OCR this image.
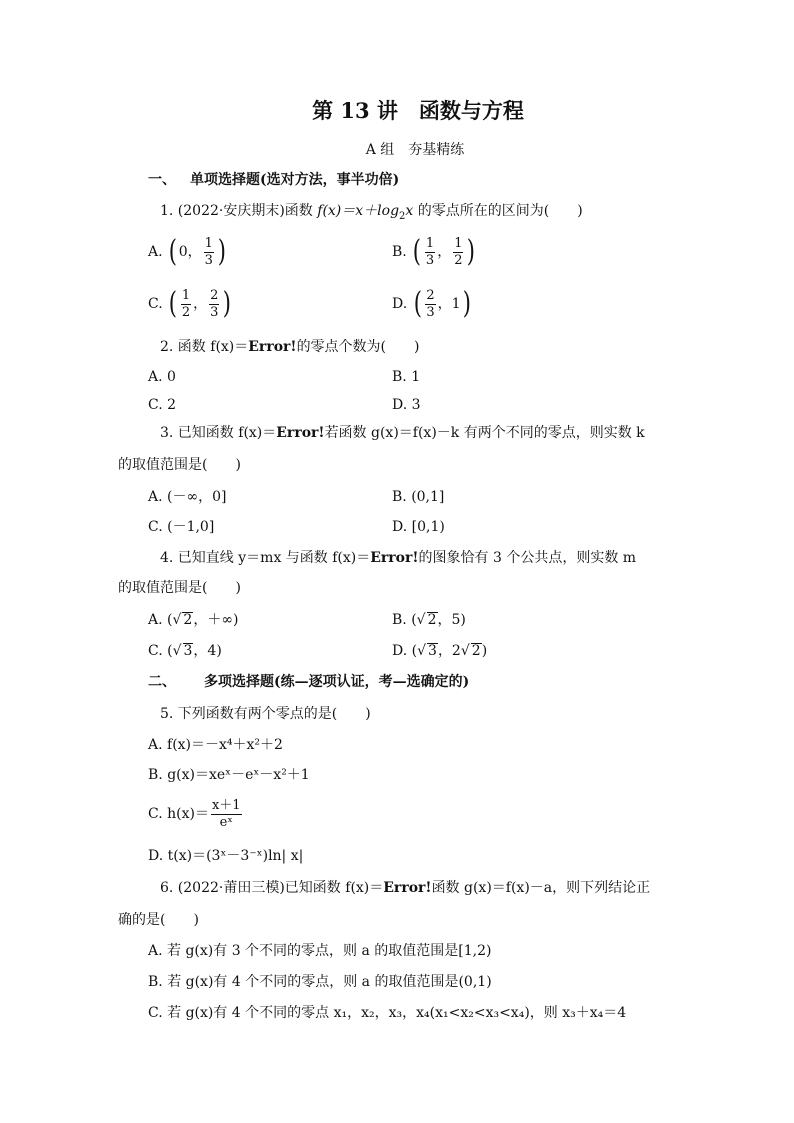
第 13 讲　函数与方程
A 组　夯基精练
一、 单项选择题(选对方法，事半功倍)
1. (2022·安庆期末)函数 $f(x)=x+\log_2x$ 的零点所在的区间为(　　)
A. ( 0， $\frac{1}{3}$ )	B. ( $\frac{1}{3}$ ， $\frac{1}{2}$ )
C. ( $\frac{1}{2}$ ， $\frac{2}{3}$ )	D. ( $\frac{2}{3}$ ，1)
2. 函数 f(x)＝Error!的零点个数为(　　)
A. 0	B. 1
C. 2	D. 3
3. 已知函数 f(x)＝Error!若函数 g(x)＝f(x)－k 有两个不同的零点，则实数 k
的取值范围是(　　)
A. (－∞，0]	B. (0,1]
C. (－1,0]	D. [0,1)
4. 已知直线 y＝mx 与函数 f(x)＝Error!的图象恰有 3 个公共点，则实数 m
的取值范围是(　　)
A. (√ 2，＋∞)	B. (√ 2，5)
C. (√ 3，4)	D. (√ 3，2√ 2)
二、 多项选择题(练—逐项认证，考—选确定的)
5. 下列函数有两个零点的是(　　)
A. f(x)＝－x⁴＋x²＋2
B. g(x)＝xeˣ－eˣ－x²＋1
C. $h(x)= \frac{x+1}{\text{eˣ}}$
D. t(x)＝(3ˣ－3⁻ˣ)ln| x|
6. (2022·莆田三模)已知函数 f(x)＝Error!函数 g(x)＝f(x)－a，则下列结论正
确的是(　　)
A. 若 g(x)有 3 个不同的零点，则 a 的取值范围是[1,2)
B. 若 g(x)有 4 个不同的零点，则 a 的取值范围是(0,1)
C. 若 g(x)有 4 个不同的零点 x₁，x₂，x₃，x₄(x₁<x₂<x₃<x₄)，则 x₃＋x₄＝4
